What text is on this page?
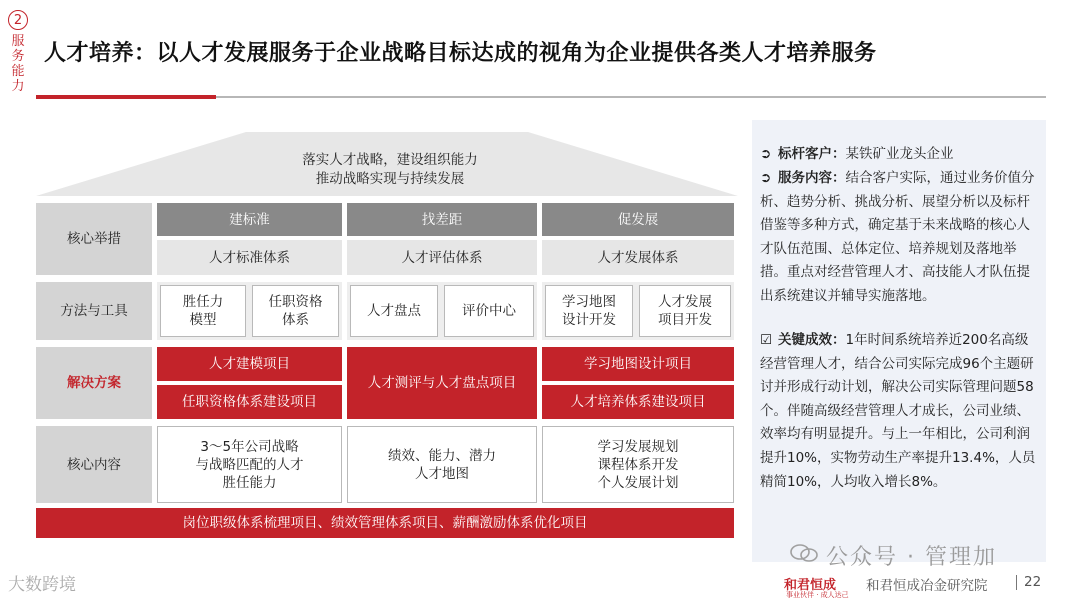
2
服务能力
人才培养：以人才发展服务于企业战略目标达成的视角为企业提供各类人才培养服务
落实人才战略，建设组织能力
推动战略实现与持续发展
核心举措
方法与工具
解决方案
核心内容
建标准
人才标准体系
胜任力
模型
任职资格
体系
人才建模项目
任职资格体系建设项目
3～5年公司战略
与战略匹配的人才
胜任能力
找差距
人才评估体系
人才盘点	评价中心
人才测评与人才盘点项目
绩效、能力、潜力
人才地图
促发展
人才发展体系
学习地图
设计开发
人才发展
项目开发
学习地图设计项目
人才培养体系建设项目
学习发展规划
课程体系开发
个人发展计划
岗位职级体系梳理项目、绩效管理体系项目、薪酬激励体系优化项目
➲ 标杆客户：某铁矿业龙头企业
➲ 服务内容：结合客户实际，通过业务价值分析、趋势分析、挑战分析、展望分析以及标杆借鉴等多种方式，确定基于未来战略的核心人才队伍范围、总体定位、培养规划及落地举措。重点对经营管理人才、高技能人才队伍提出系统建议并辅导实施落地。
☑ 关键成效：1年时间系统培养近200名高级经营管理人才，结合公司实际完成96个主题研讨并形成行动计划，解决公司实际管理问题58个。伴随高级经营管理人才成长，公司业绩、效率均有明显提升。与上一年相比，公司利润提升10%，实物劳动生产率提升13.4%，人员精简10%，人均收入增长8%。
公众号 · 管理加
和君恒成
事业伙伴 · 成人达己
和君恒成冶金研究院	22
大数跨境
